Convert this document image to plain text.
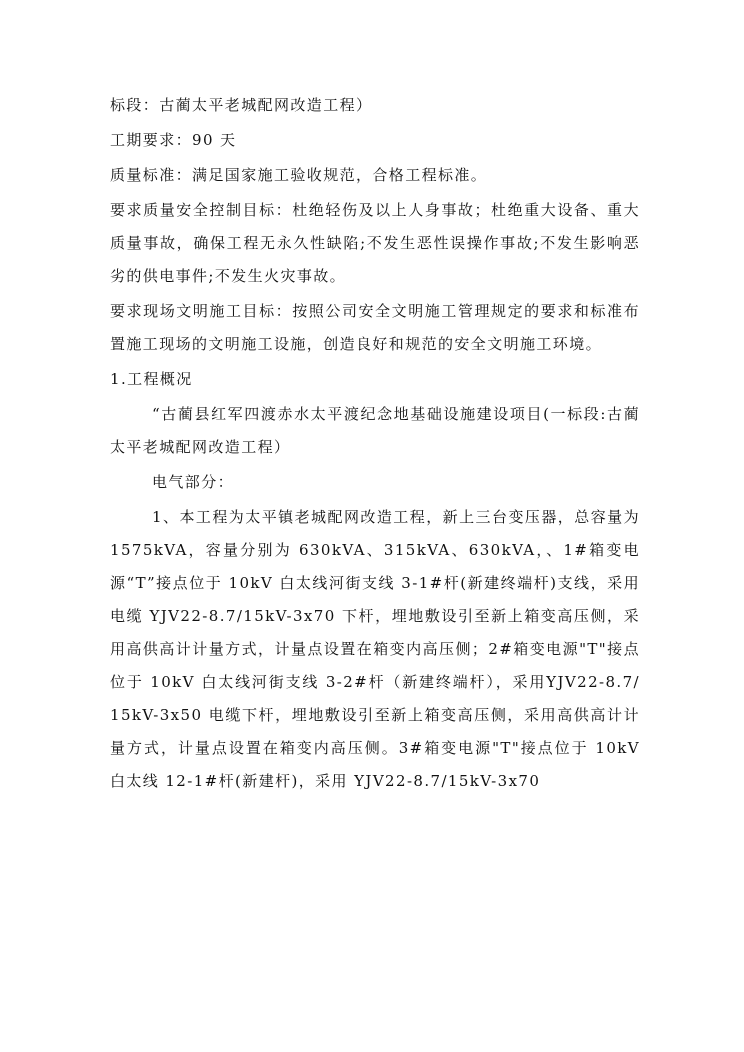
标段：古蔺太平老城配网改造工程）

工期要求：90 天

质量标准：满足国家施工验收规范，合格工程标准。

要求质量安全控制目标：杜绝轻伤及以上人身事故；杜绝重大设备、重大质量事故，确保工程无永久性缺陷;不发生恶性误操作事故;不发生影响恶劣的供电事件;不发生火灾事故。

要求现场文明施工目标：按照公司安全文明施工管理规定的要求和标准布置施工现场的文明施工设施，创造良好和规范的安全文明施工环境。

1.工程概况

“古蔺县红军四渡赤水太平渡纪念地基础设施建设项目(一标段:古蔺太平老城配网改造工程）

电气部分：

1、本工程为太平镇老城配网改造工程，新上三台变压器，总容量为 1575kVA，容量分别为 630kVA、315kVA、630kVA，、1#箱变电源“T”接点位于 10kV 白太线河街支线 3-1#杆(新建终端杆)支线，采用电缆 YJV22-8.7/15kV-3x70 下杆，埋地敷设引至新上箱变高压侧，采用高供高计计量方式，计量点设置在箱变内高压侧；2#箱变电源"T"接点位于 10kV 白太线河街支线 3-2#杆（新建终端杆），采用YJV22-8.7/15kV-3x50 电缆下杆，埋地敷设引至新上箱变高压侧，采用高供高计计量方式，计量点设置在箱变内高压侧。3#箱变电源"T"接点位于 10kV 白太线 12-1#杆(新建杆)，采用 YJV22-8.7/15kV-3x70
